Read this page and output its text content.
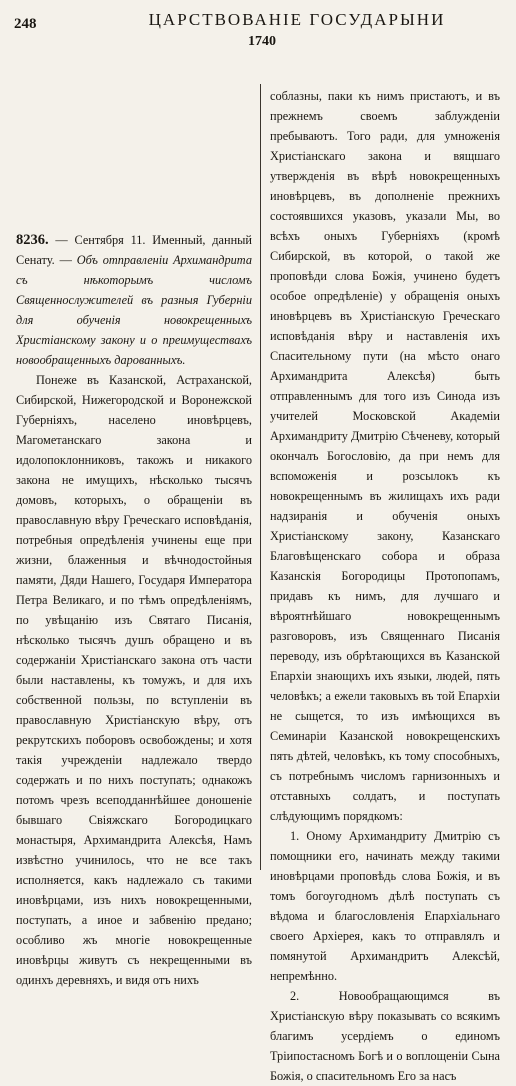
248	ЦАРСТВОВАНІЕ ГОСУДАРЫНИ
1740

8236. — Сентября 11. Именный, данный Сенату. — Объ отправленіи Архимандрита съ нѣкоторымъ числомъ Священнослужителей въ разныя Губерніи для обученія новокрещенныхъ Христіанскому закону и о преимуществахъ новообращенныхъ дарованныхъ.

Понеже въ Казанской, Астраханской, Сибирской, Нижегородской и Воронежской Губерніяхъ, населено иновѣрцевъ, Магометанскаго закона и идолопоклонниковъ, такожъ и никакого закона не имущихъ, нѣсколько тысячъ домовъ, которыхъ, о обращеніи въ православную вѣру Греческаго исповѣданія, потребныя опредѣленія учинены еще при жизни, блаженныя и вѣчнодостойныя памяти, Дяди Нашего, Государя Императора Петра Великаго, и по тѣмъ опредѣленіямъ, по увѣщанію изъ Святаго Писанія, нѣсколько тысячъ душъ обращено и въ содержаніи Христіанскаго закона отъ части были наставлены, къ томужъ, и для ихъ собственной пользы, по вступленіи въ православную Христіанскую вѣру, отъ рекрутскихъ поборовъ освобождены; и хотя такія учрежденіи надлежало твердо содержать и по нихъ поступать; однакожъ потомъ чрезъ всеподданнѣйшее доношеніе бывшаго Свіяжскаго Богородицкаго монастыря, Архимандрита Алексѣя, Намъ извѣстно учинилось, что не все такъ исполняется, какъ надлежало съ такими иновѣрцами, изъ нихъ новокрещенными, поступать, а иное и забвенію предано; особливо жъ многіе новокрещенные иновѣрцы живутъ съ некрещенными въ одинхъ деревняхъ, и видя отъ нихъ

соблазны, паки къ нимъ пристаютъ, и въ прежнемъ своемъ заблужденіи пребываютъ. Того ради, для умноженія Христіанскаго закона и вящшаго утвержденія въ вѣрѣ новокрещенныхъ иновѣрцевъ, въ дополненіе прежнихъ состоявшихся указовъ, указали Мы, во всѣхъ оныхъ Губерніяхъ (кромѣ Сибирской, въ которой, о такой же проповѣди слова Божія, учинено будетъ особое опредѣленіе) у обращенія оныхъ иновѣрцевъ въ Христіанскую Греческаго исповѣданія вѣру и наставленія ихъ Спасительному пути (на мѣсто онаго Архимандрита Алексѣя) быть отправленнымъ для того изъ Синода изъ учителей Московской Академіи Архимандриту Дмитрію Сѣченеву, который окончалъ Богословію, да при немъ для вспоможенія и розсылокъ къ новокрещеннымъ въ жилищахъ ихъ ради надзиранія и обученія оныхъ Христіанскому закону, Казанскаго Благовѣщенскаго собора и образа Казанскія Богородицы Протопопамъ, придавъ къ нимъ, для лучшаго и вѣроятнѣйшаго новокрещеннымъ разговоровъ, изъ Священнаго Писанія переводу, изъ обрѣтающихся въ Казанской Епархіи знающихъ ихъ языки, людей, пять человѣкъ; а ежели таковыхъ въ той Епархіи не сыщется, то изъ имѣющихся въ Семинаріи Казанской новокрещенскихъ пять дѣтей, человѣкъ, къ тому способныхъ, съ потребнымъ числомъ гарнизонныхъ и отставныхъ солдатъ, и поступать слѣдующимъ порядкомъ:

1. Оному Архимандриту Дмитрію съ помощники его, начинать между такими иновѣрцами проповѣдь слова Божія, и въ томъ богоугодномъ дѣлѣ поступать съ вѣдома и благословленія Епархіальнаго своего Архіерея, какъ то отправлялъ и помянутой Архимандритъ Алексѣй, непремѣнно.

2. Новообращающимся въ Христіанскую вѣру показывать со всякимъ благимъ усердіемъ о единомъ Тріипостасномъ Богѣ и о воплощеніи Сына Божія, о спасительномъ Его за насъ
